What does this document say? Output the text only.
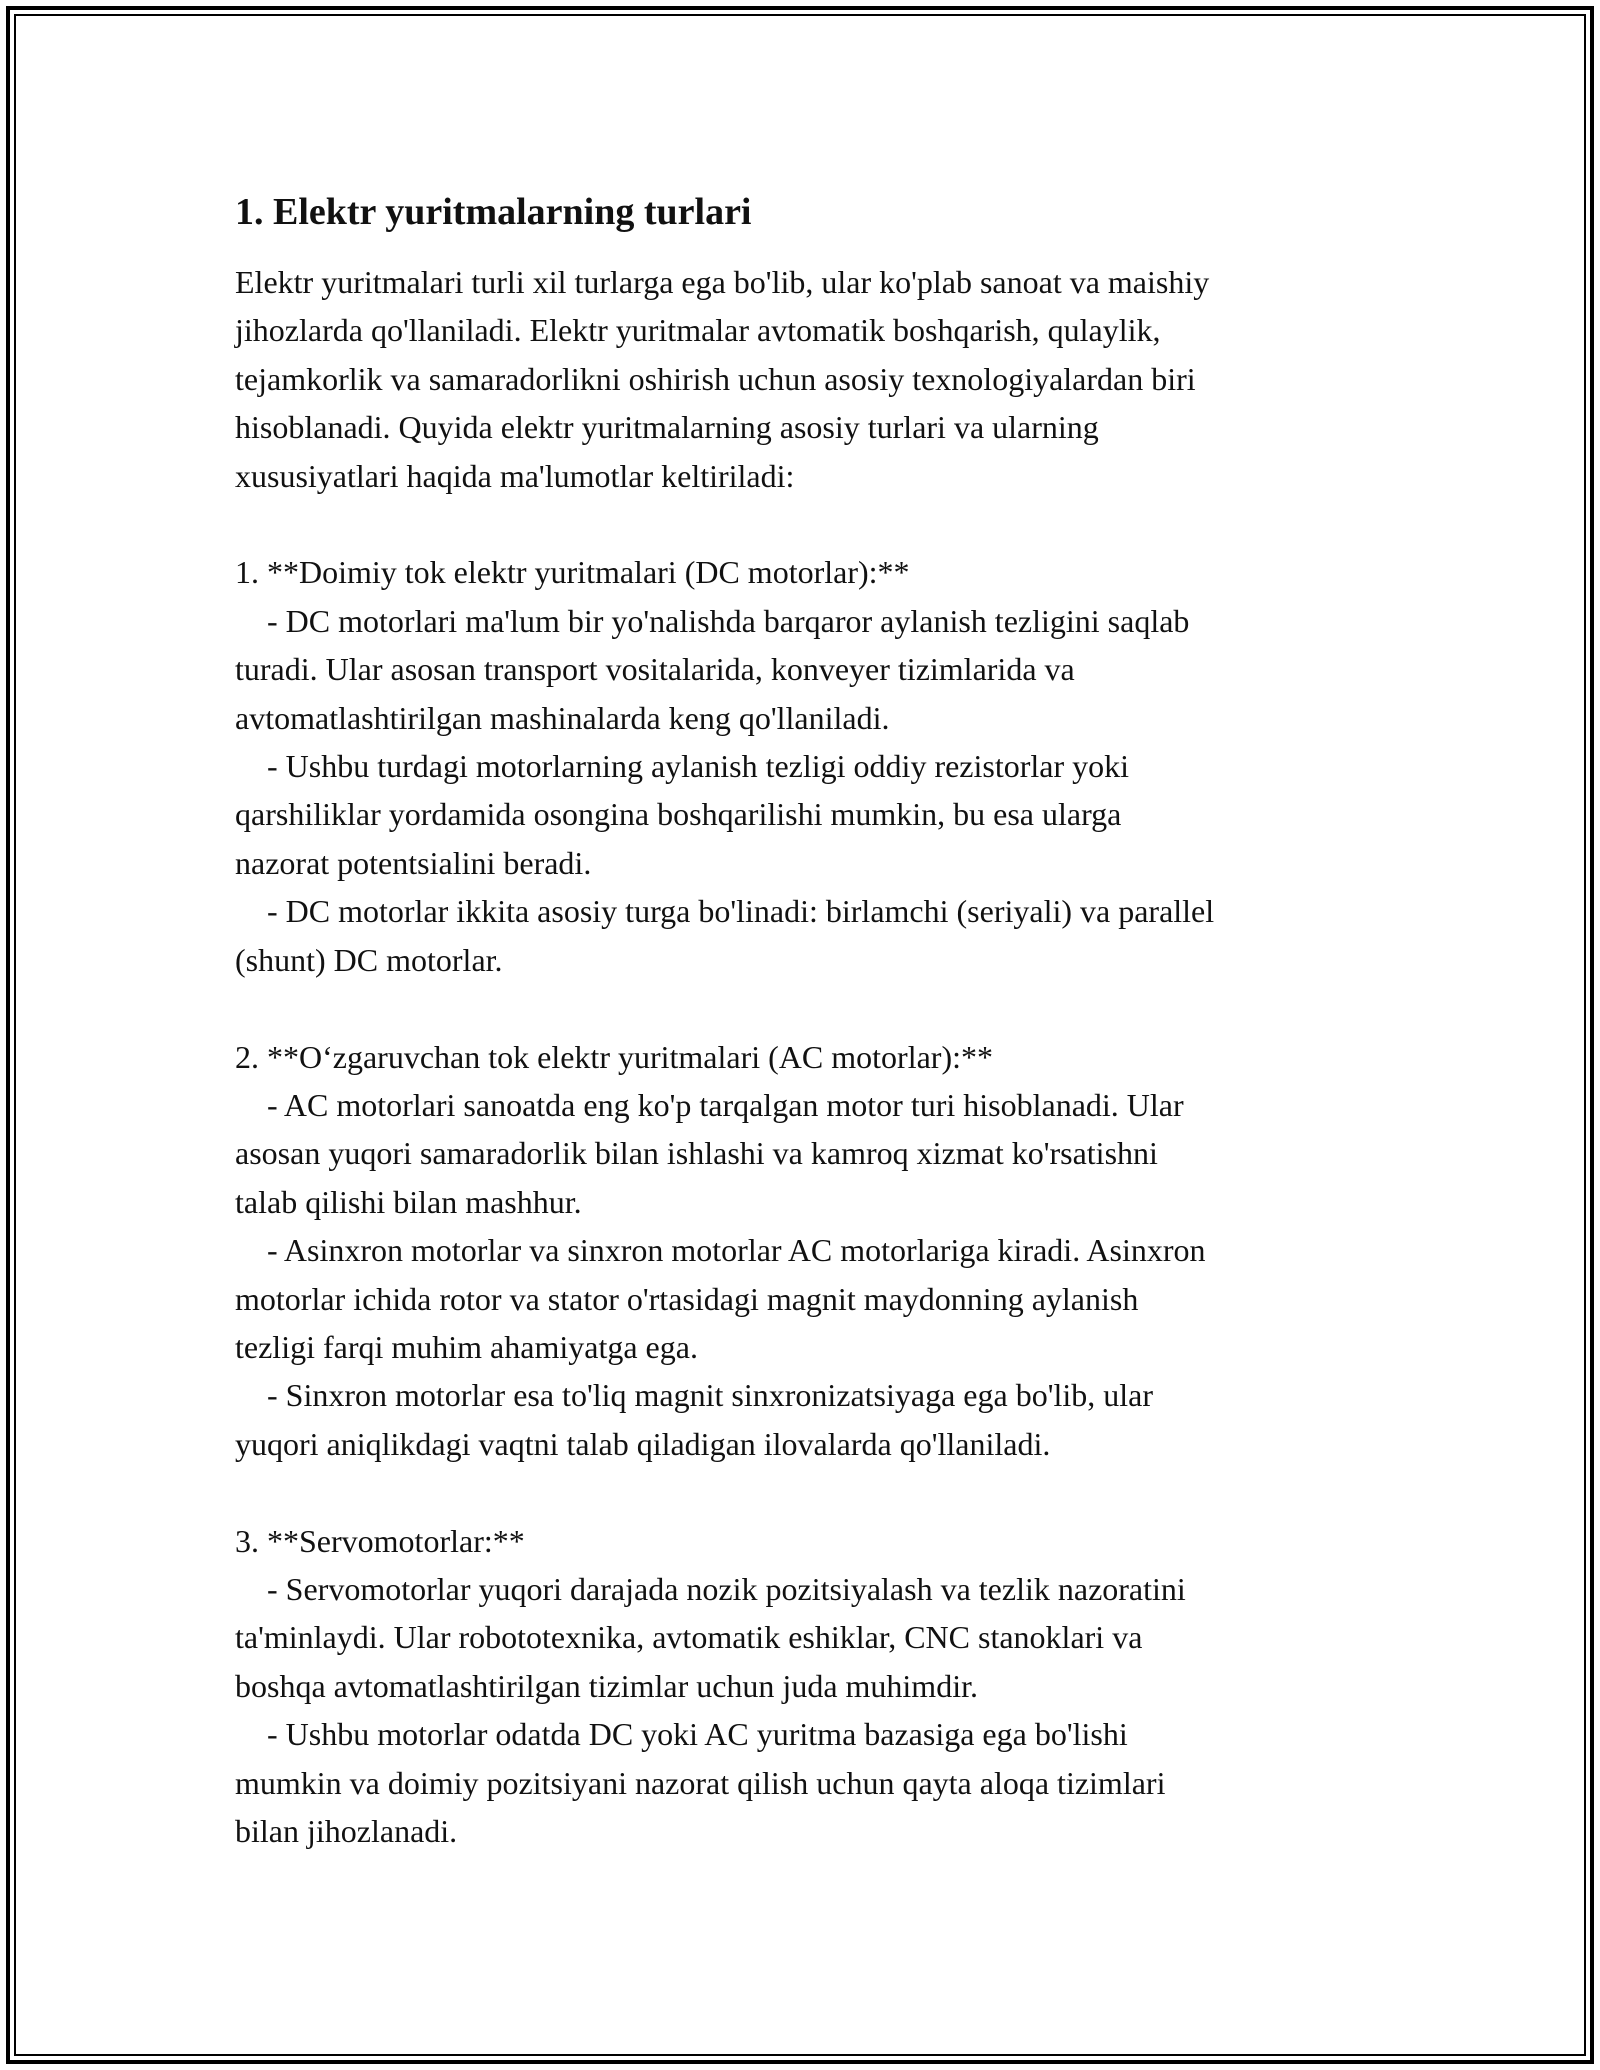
1. Elektr yuritmalarning turlari

Elektr yuritmalari turli xil turlarga ega bo'lib, ular ko'plab sanoat va maishiy
jihozlarda qo'llaniladi. Elektr yuritmalar avtomatik boshqarish, qulaylik,
tejamkorlik va samaradorlikni oshirish uchun asosiy texnologiyalardan biri
hisoblanadi. Quyida elektr yuritmalarning asosiy turlari va ularning
xususiyatlari haqida ma'lumotlar keltiriladi:

1. **Doimiy tok elektr yuritmalari (DC motorlar):**
- DC motorlari ma'lum bir yo'nalishda barqaror aylanish tezligini saqlab
turadi. Ular asosan transport vositalarida, konveyer tizimlarida va
avtomatlashtirilgan mashinalarda keng qo'llaniladi.
- Ushbu turdagi motorlarning aylanish tezligi oddiy rezistorlar yoki
qarshiliklar yordamida osongina boshqarilishi mumkin, bu esa ularga
nazorat potentsialini beradi.
- DC motorlar ikkita asosiy turga bo'linadi: birlamchi (seriyali) va parallel
(shunt) DC motorlar.

2. **O‘zgaruvchan tok elektr yuritmalari (AC motorlar):**
- AC motorlari sanoatda eng ko'p tarqalgan motor turi hisoblanadi. Ular
asosan yuqori samaradorlik bilan ishlashi va kamroq xizmat ko'rsatishni
talab qilishi bilan mashhur.
- Asinxron motorlar va sinxron motorlar AC motorlariga kiradi. Asinxron
motorlar ichida rotor va stator o'rtasidagi magnit maydonning aylanish
tezligi farqi muhim ahamiyatga ega.
- Sinxron motorlar esa to'liq magnit sinxronizatsiyaga ega bo'lib, ular
yuqori aniqlikdagi vaqtni talab qiladigan ilovalarda qo'llaniladi.

3. **Servomotorlar:**
- Servomotorlar yuqori darajada nozik pozitsiyalash va tezlik nazoratini
ta'minlaydi. Ular robototexnika, avtomatik eshiklar, CNC stanoklari va
boshqa avtomatlashtirilgan tizimlar uchun juda muhimdir.
- Ushbu motorlar odatda DC yoki AC yuritma bazasiga ega bo'lishi
mumkin va doimiy pozitsiyani nazorat qilish uchun qayta aloqa tizimlari
bilan jihozlanadi.
